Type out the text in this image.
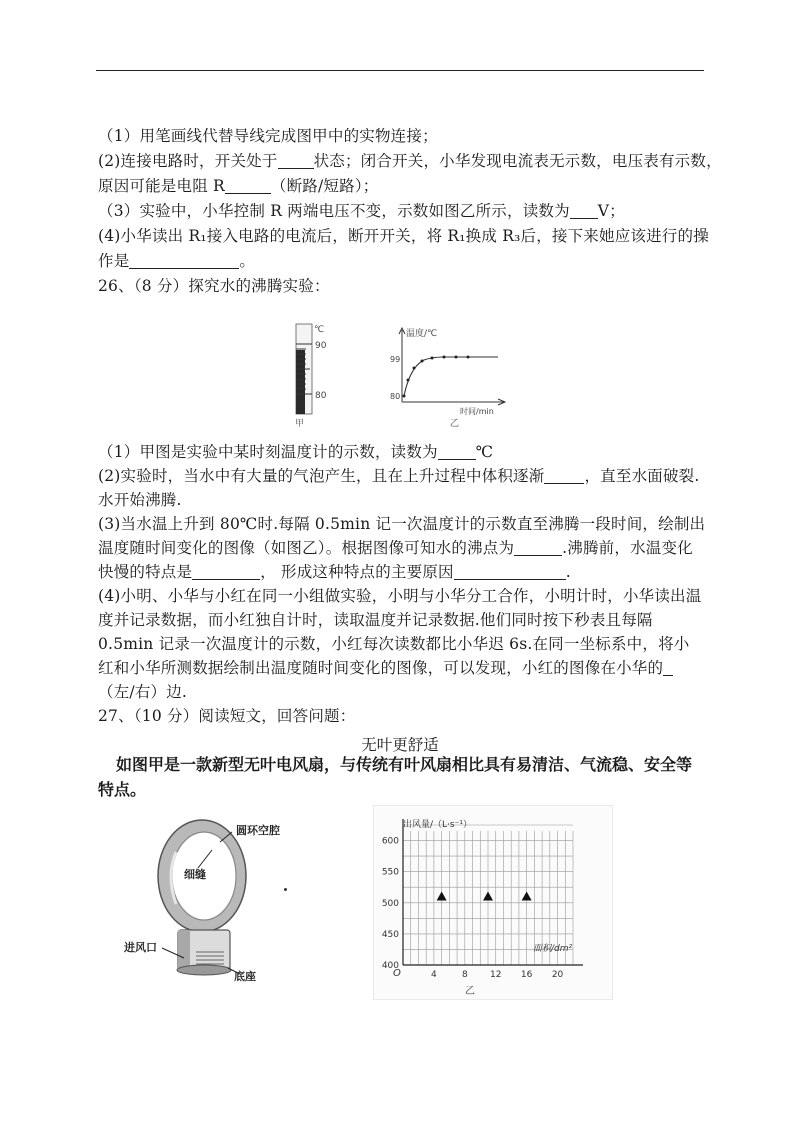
（1）用笔画线代替导线完成图甲中的实物连接；
(2)连接电路时，开关处于 状态；闭合开关，小华发现电流表无示数，电压表有示数，
原因可能是电阻 R	（断路/短路）；
（3）实验中，小华控制 R 两端电压不变，示数如图乙所示，读数为 V；
(4)小华读出 R₁接入电路的电流后，断开开关，将 R₁换成 R₃后，接下来她应该进行的操
作是	。
26、（8 分）探究水的沸腾实验：
℃
90
80
甲
温度/℃
时间/min
99
80
乙
（1）甲图是实验中某时刻温度计的示数，读数为 ℃
(2)实验时，当水中有大量的气泡产生，且在上升过程中体积逐渐	，直至水面破裂.
水开始沸腾.
(3)当水温上升到 80℃时.每隔 0.5min 记一次温度计的示数直至沸腾一段时间，绘制出
温度随时间变化的图像（如图乙）。根据图像可知水的沸点为	.沸腾前，水温变化
快慢的特点是	， 形成这种特点的主要原因	.
(4)小明、小华与小红在同一小组做实验，小明与小华分工合作，小明计时，小华读出温
度并记录数据，而小红独自计时，读取温度并记录数据.他们同时按下秒表且每隔
0.5min 记录一次温度计的示数，小红每次读数都比小华迟 6s.在同一坐标系中，将小
红和小华所测数据绘制出温度随时间变化的图像，可以发现，小红的图像在小华的
（左/右）边.
27、（10 分）阅读短文，回答问题：
无叶更舒适
如图甲是一款新型无叶电风扇，与传统有叶风扇相比具有易清洁、气流稳、安全等
特点。
圆环空腔
细缝
进风口
底座
400
450
500
550
600
4	8 12 16 20
出风量/（L·s⁻¹）
面积/dm²
O
乙
